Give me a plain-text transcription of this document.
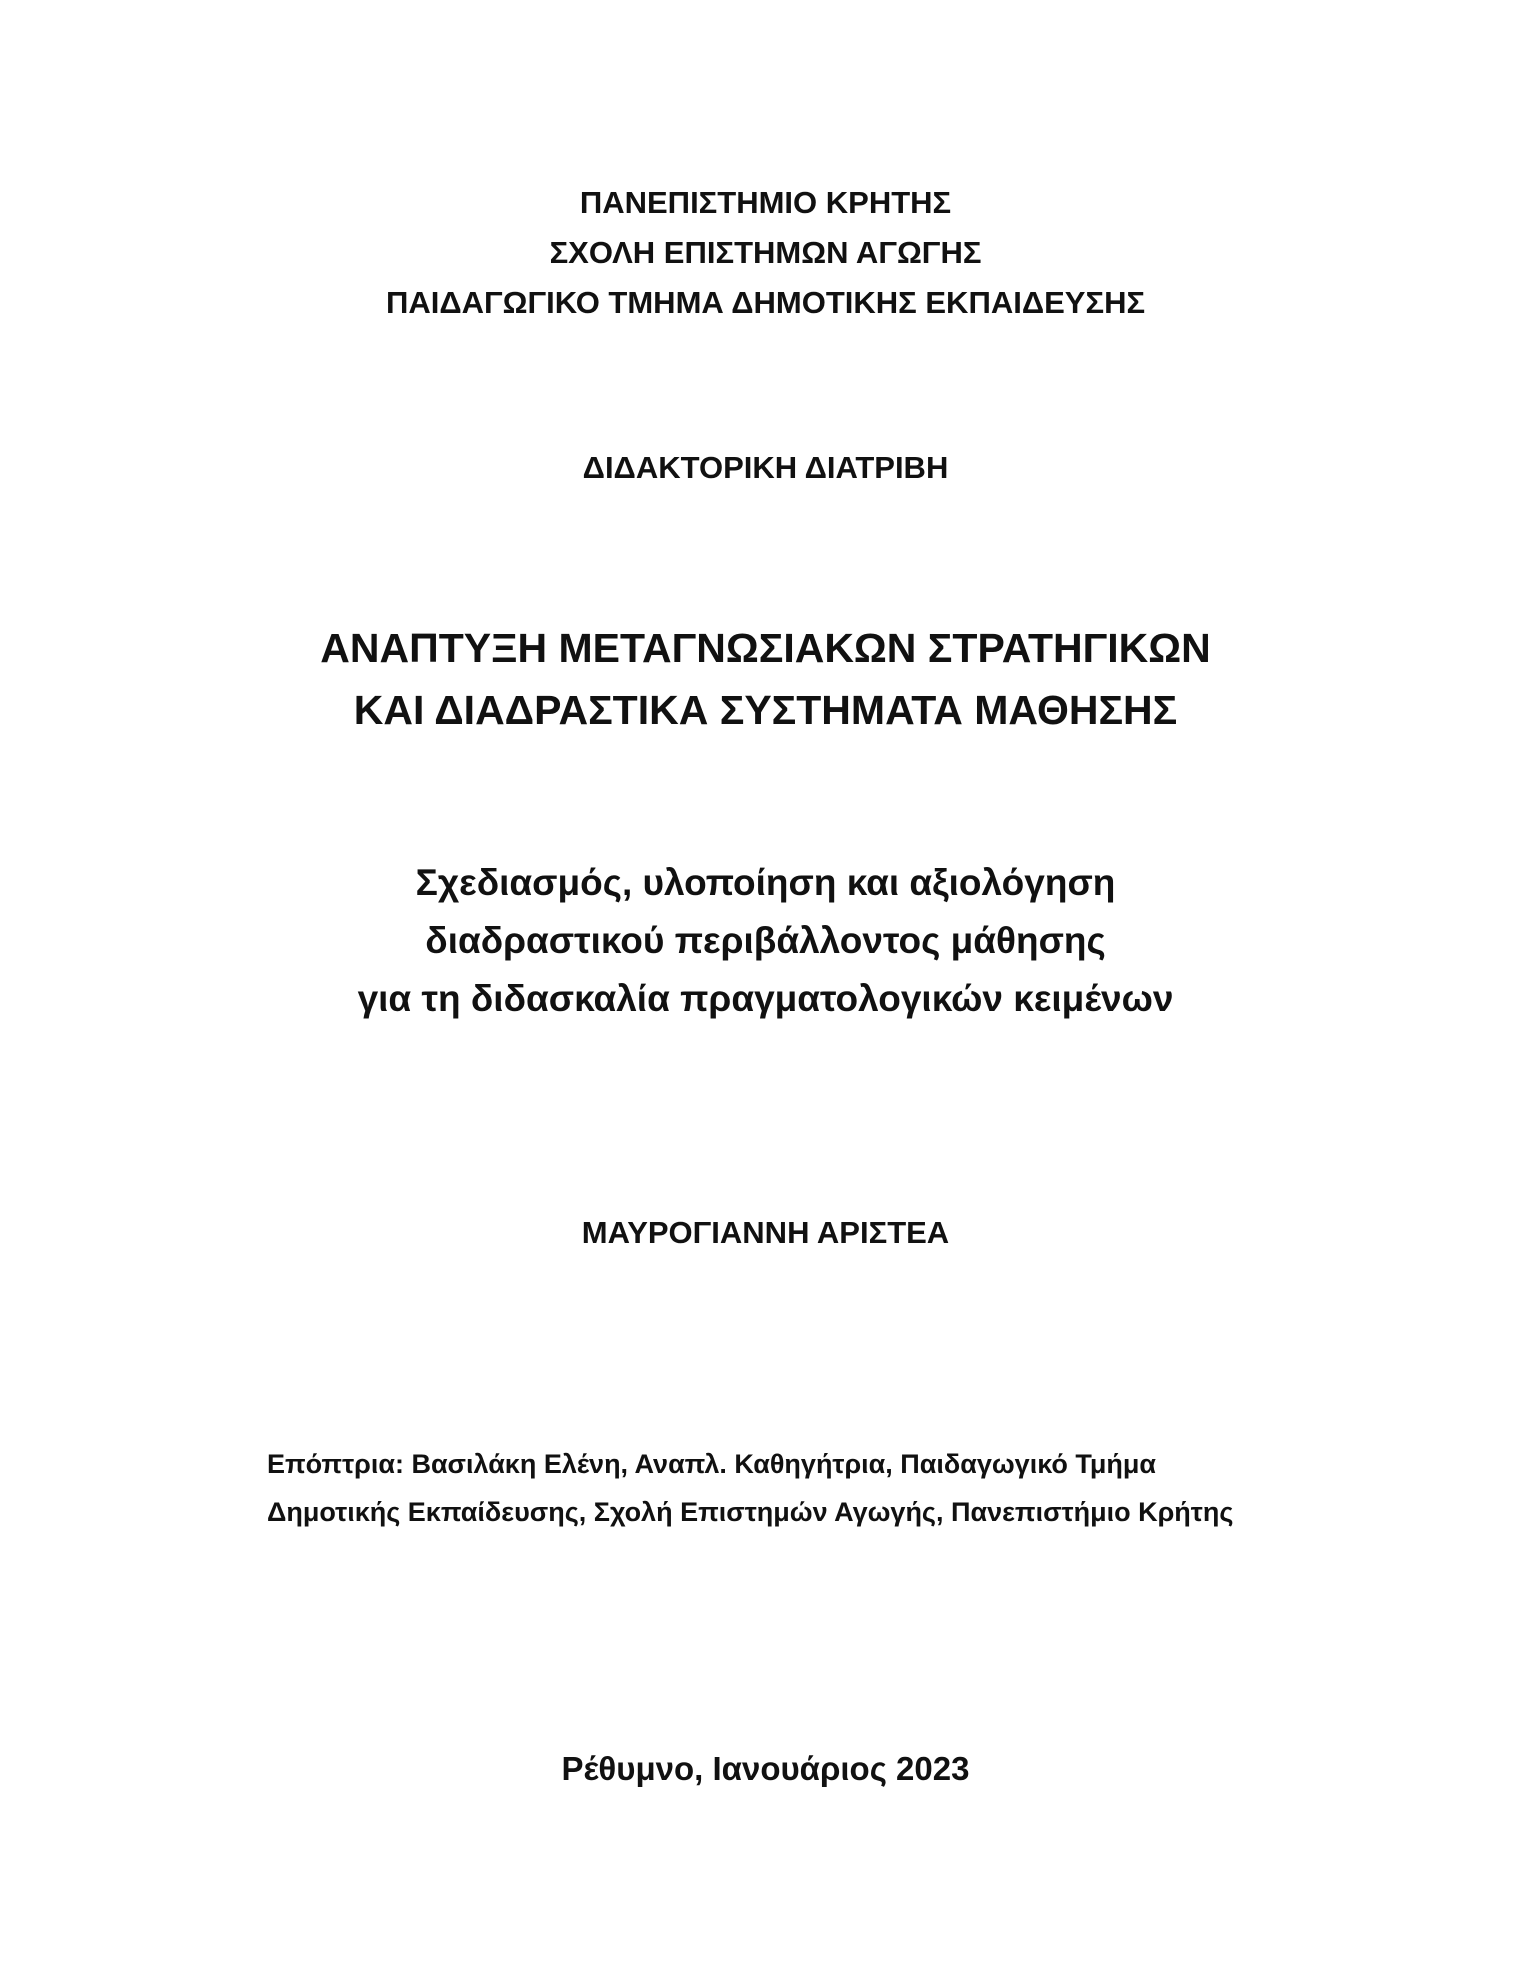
ΠΑΝΕΠΙΣΤΗΜΙΟ ΚΡΗΤΗΣ
ΣΧΟΛΗ ΕΠΙΣΤΗΜΩΝ ΑΓΩΓΗΣ
ΠΑΙΔΑΓΩΓΙΚΟ ΤΜΗΜΑ ΔΗΜΟΤΙΚΗΣ ΕΚΠΑΙΔΕΥΣΗΣ
ΔΙΔΑΚΤΟΡΙΚΗ ΔΙΑΤΡΙΒΗ
ΑΝΑΠΤΥΞΗ ΜΕΤΑΓΝΩΣΙΑΚΩΝ ΣΤΡΑΤΗΓΙΚΩΝ
ΚΑΙ ΔΙΑΔΡΑΣΤΙΚΑ ΣΥΣΤΗΜΑΤΑ ΜΑΘΗΣΗΣ
Σχεδιασμός, υλοποίηση και αξιολόγηση
διαδραστικού περιβάλλοντος μάθησης
για τη διδασκαλία πραγματολογικών κειμένων
ΜΑΥΡΟΓΙΑΝΝΗ ΑΡΙΣΤΕΑ
Επόπτρια: Βασιλάκη Ελένη, Αναπλ. Καθηγήτρια, Παιδαγωγικό Τμήμα
Δημοτικής Εκπαίδευσης, Σχολή Επιστημών Αγωγής, Πανεπιστήμιο Κρήτης
Ρέθυμνο, Ιανουάριος 2023
